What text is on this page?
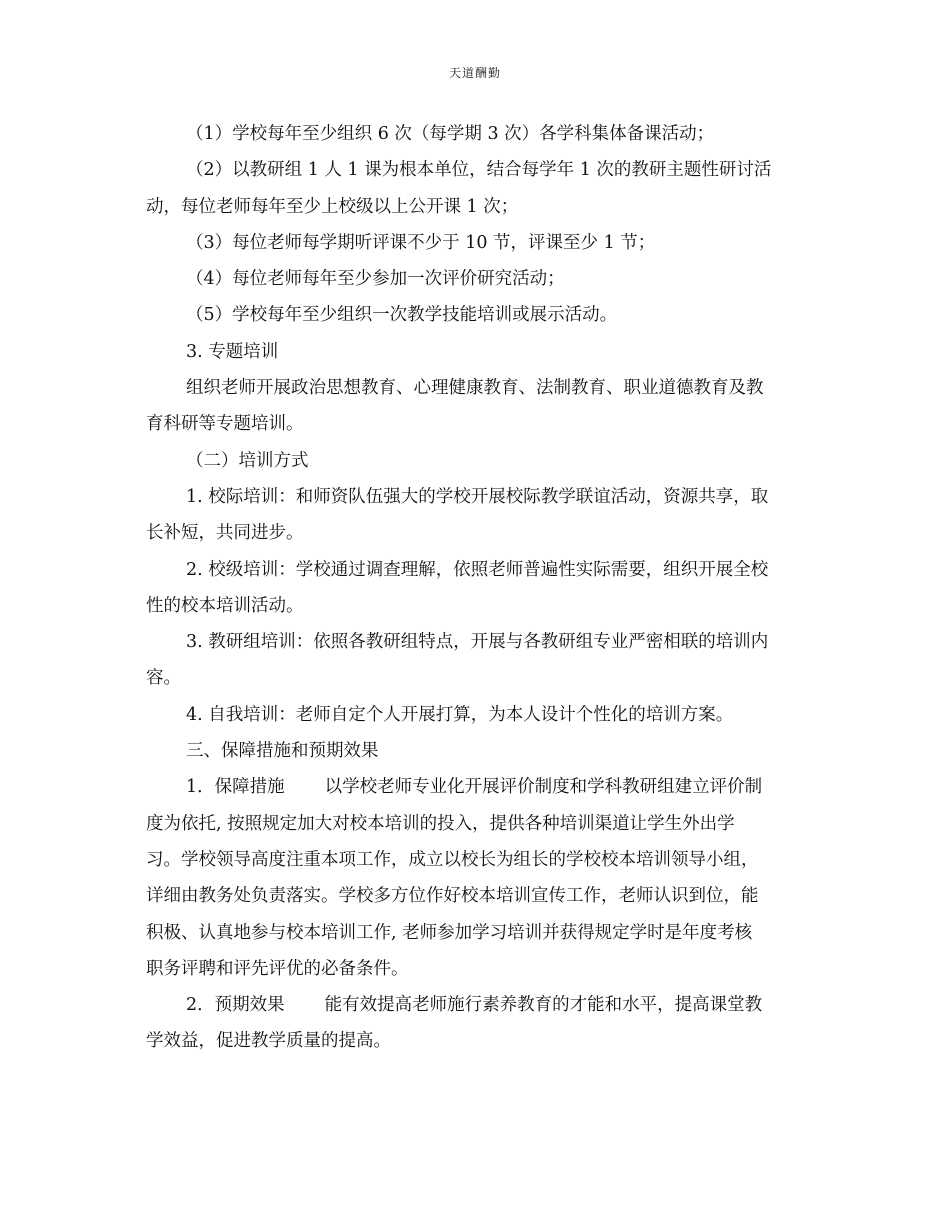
天道酬勤
（1）学校每年至少组织 6 次（每学期 3 次）各学科集体备课活动；
（2）以教研组 1 人 1 课为根本单位，结合每学年 1 次的教研主题性研讨活
动，每位老师每年至少上校级以上公开课 1 次；
（3）每位老师每学期听评课不少于 10 节，评课至少 1 节；
（4）每位老师每年至少参加一次评价研究活动；
（5）学校每年至少组织一次教学技能培训或展示活动。
3. 专题培训
组织老师开展政治思想教育、心理健康教育、法制教育、职业道德教育及教
育科研等专题培训。
（二）培训方式
1. 校际培训：和师资队伍强大的学校开展校际教学联谊活动，资源共享，取
长补短，共同进步。
2. 校级培训：学校通过调查理解，依照老师普遍性实际需要，组织开展全校
性的校本培训活动。
3. 教研组培训：依照各教研组特点，开展与各教研组专业严密相联的培训内
容。
4. 自我培训：老师自定个人开展打算，为本人设计个性化的培训方案。
三、保障措施和预期效果
1．保障措施 以学校老师专业化开展评价制度和学科教研组建立评价制
度为依托, 按照规定加大对校本培训的投入，提供各种培训渠道让学生外出学
习。学校领导高度注重本项工作，成立以校长为组长的学校校本培训领导小组，
详细由教务处负责落实。学校多方位作好校本培训宣传工作，老师认识到位，能
积极、认真地参与校本培训工作, 老师参加学习培训并获得规定学时是年度考核
职务评聘和评先评优的必备条件。
2．预期效果 能有效提高老师施行素养教育的才能和水平，提高课堂教
学效益，促进教学质量的提高。
